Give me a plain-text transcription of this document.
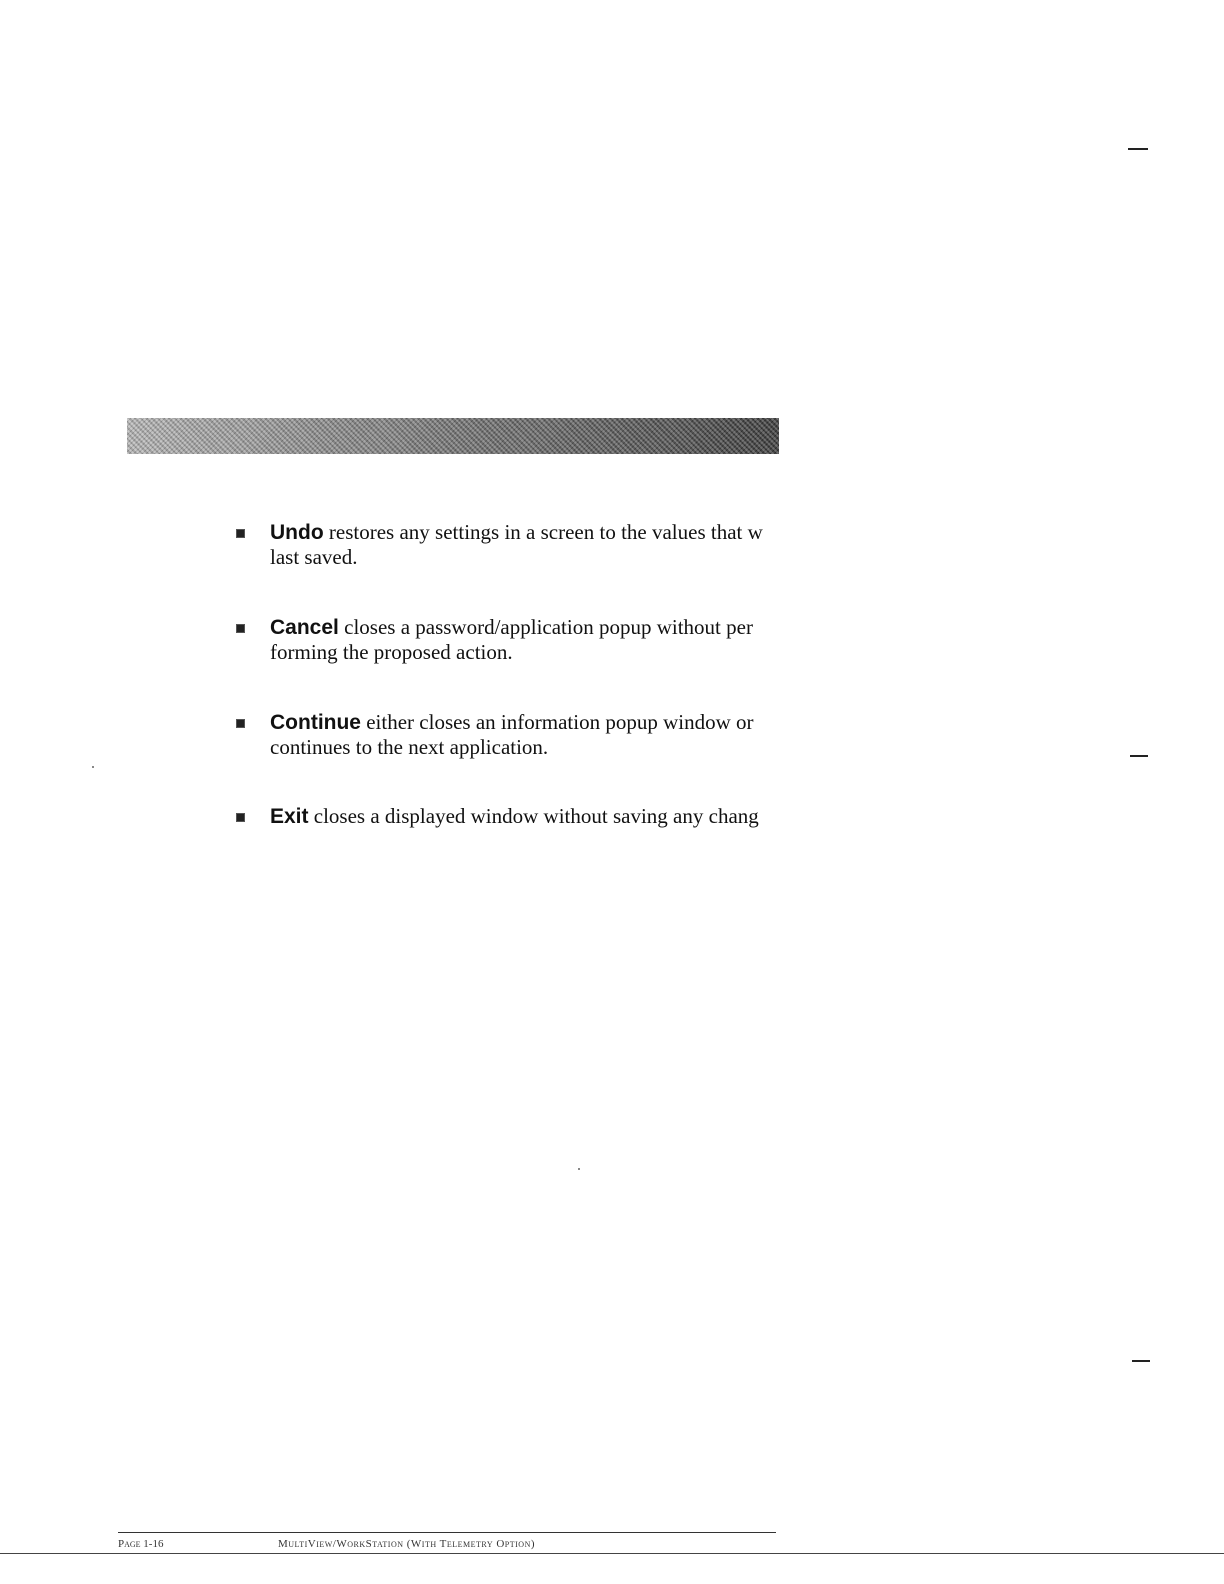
Undo restores any settings in a screen to the values that w
last saved.
Cancel closes a password/application popup without per
forming the proposed action.
Continue either closes an information popup window or
continues to the next application.
Exit closes a displayed window without saving any chang
Page 1-16	MultiView/WorkStation (With Telemetry Option)
